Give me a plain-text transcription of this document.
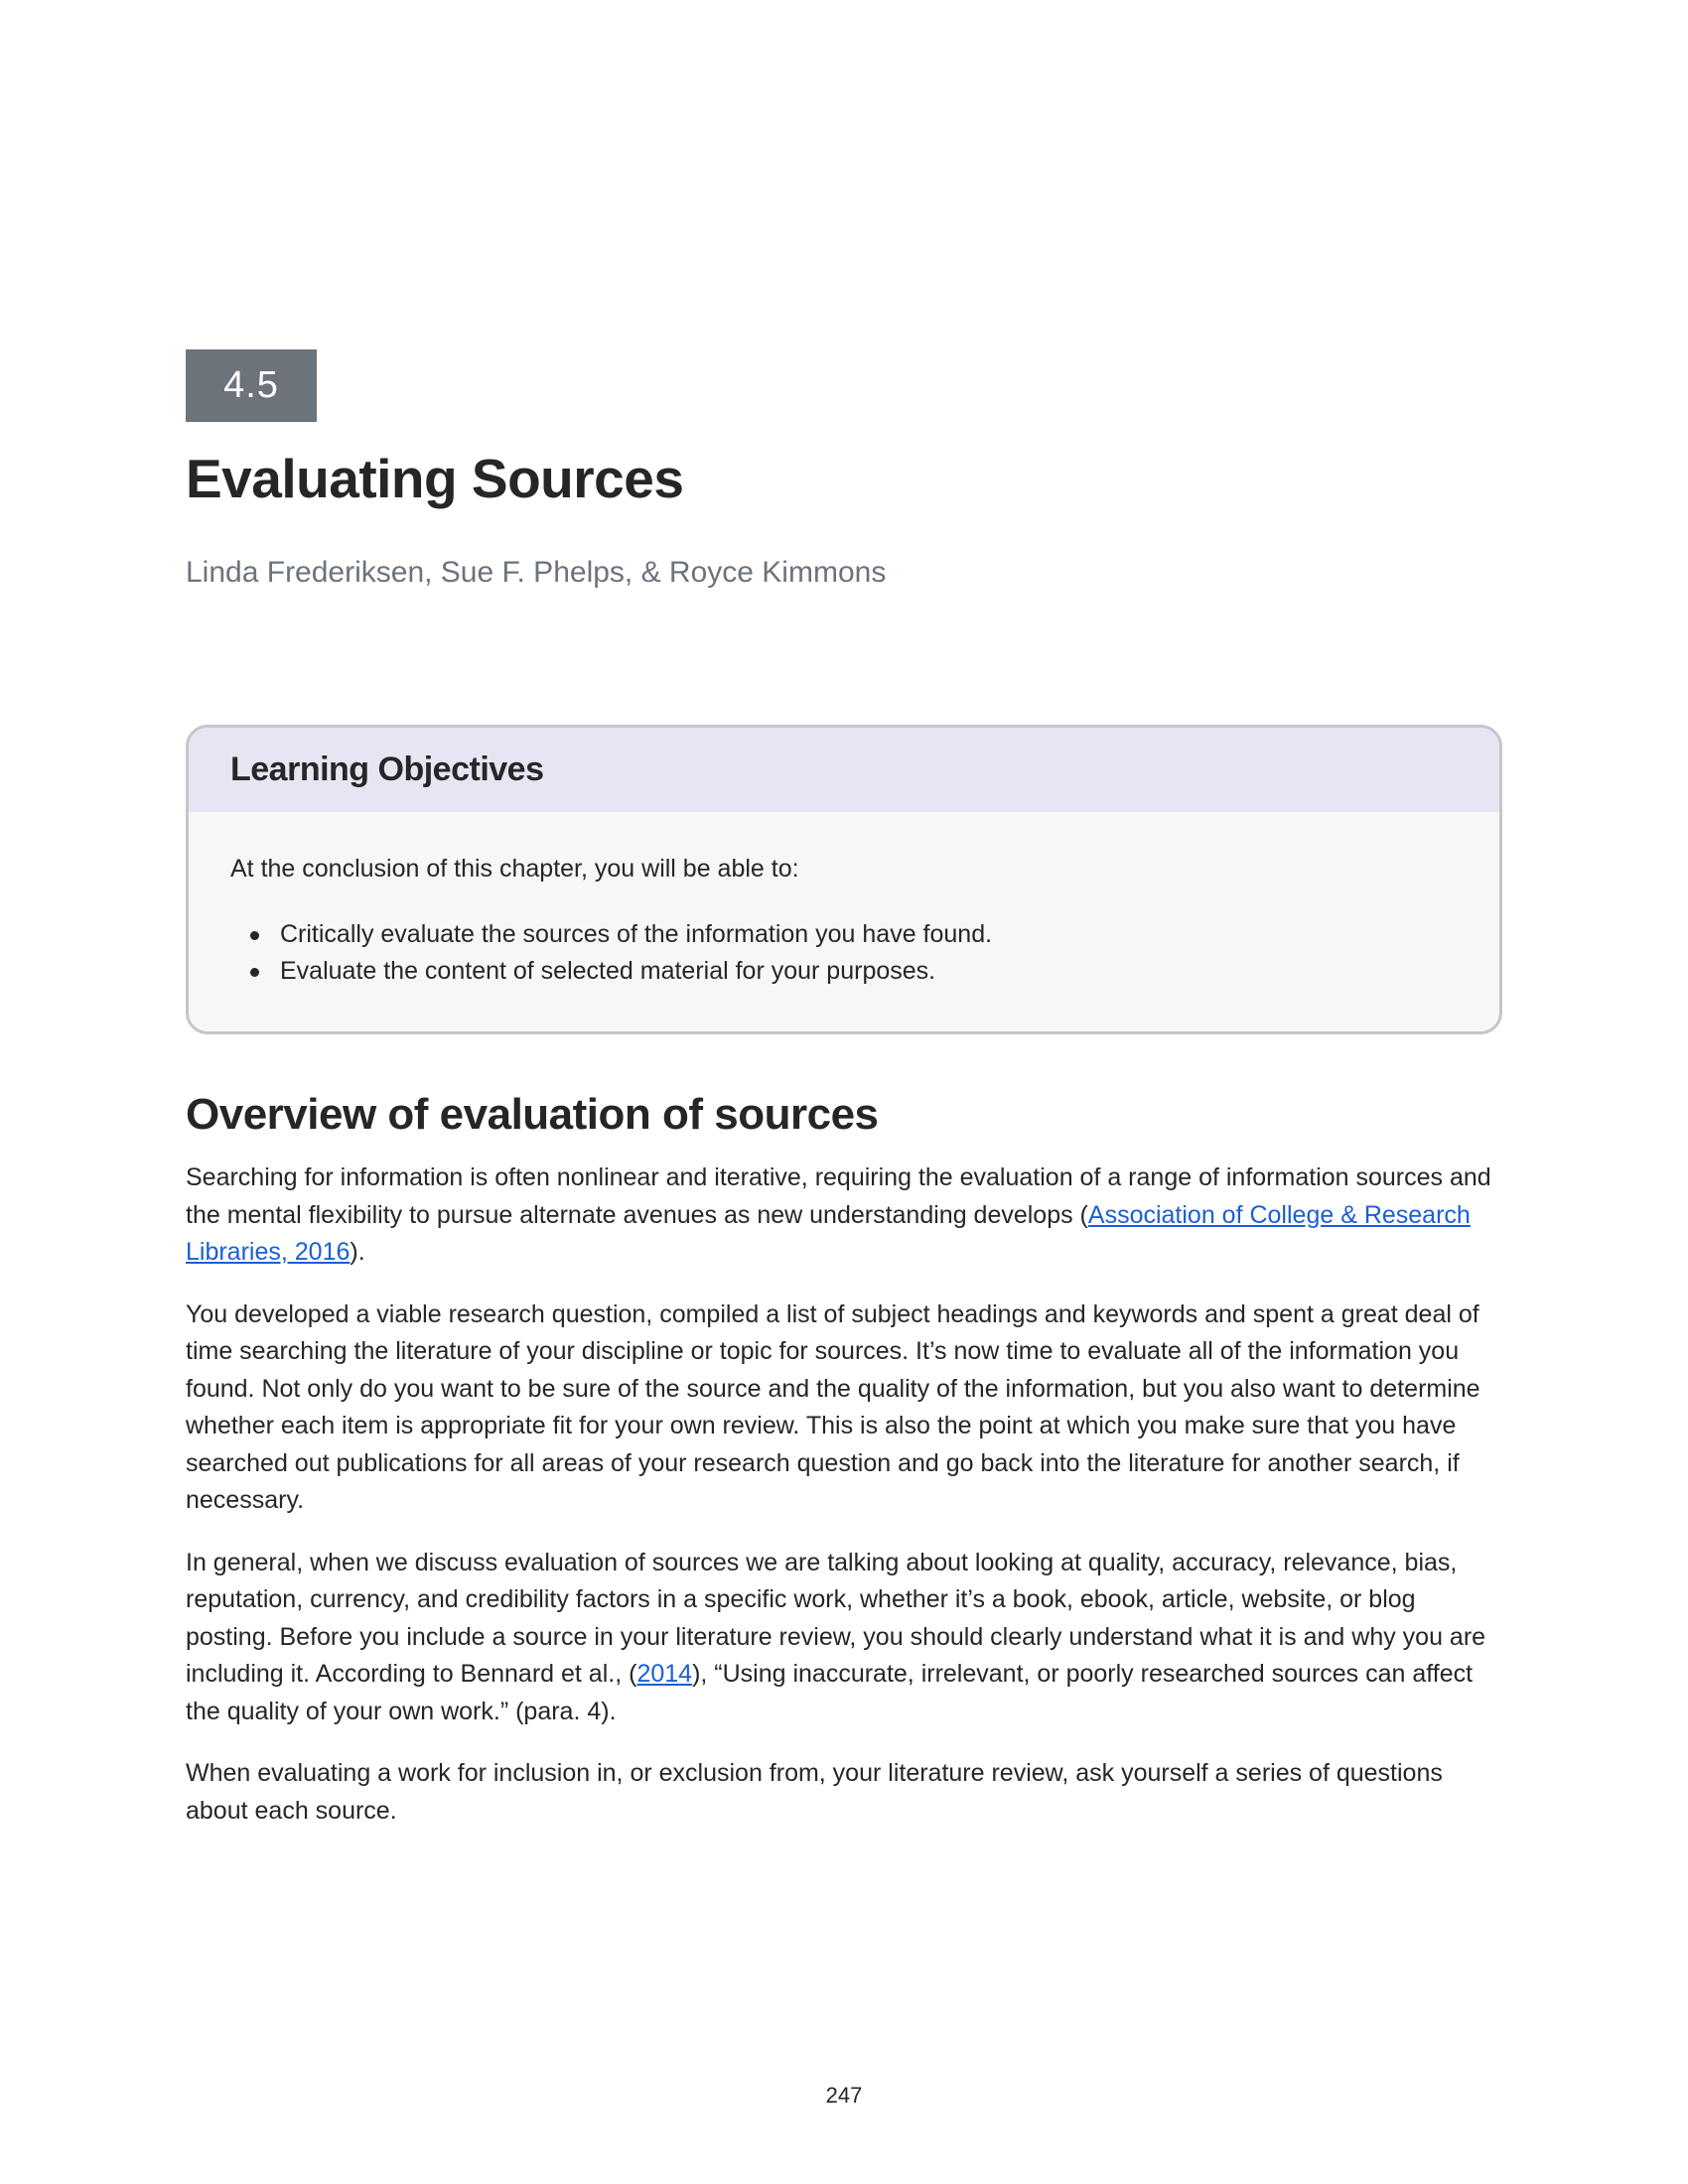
4.5
Evaluating Sources

Linda Frederiksen, Sue F. Phelps, & Royce Kimmons

Learning Objectives

At the conclusion of this chapter, you will be able to:

Critically evaluate the sources of the information you have found.
Evaluate the content of selected material for your purposes.
Overview of evaluation of sources

Searching for information is often nonlinear and iterative, requiring the evaluation of a range of information sources and the mental flexibility to pursue alternate avenues as new understanding develops (Association of College & Research Libraries, 2016).

You developed a viable research question, compiled a list of subject headings and keywords and spent a great deal of time searching the literature of your discipline or topic for sources. It’s now time to evaluate all of the information you found. Not only do you want to be sure of the source and the quality of the information, but you also want to determine whether each item is appropriate fit for your own review. This is also the point at which you make sure that you have searched out publications for all areas of your research question and go back into the literature for another search, if necessary.

In general, when we discuss evaluation of sources we are talking about looking at quality, accuracy, relevance, bias, reputation, currency, and credibility factors in a specific work, whether it’s a book, ebook, article, website, or blog posting. Before you include a source in your literature review, you should clearly understand what it is and why you are including it. According to Bennard et al., (2014), “Using inaccurate, irrelevant, or poorly researched sources can affect the quality of your own work.” (para. 4).

When evaluating a work for inclusion in, or exclusion from, your literature review, ask yourself a series of questions about each source.

247
